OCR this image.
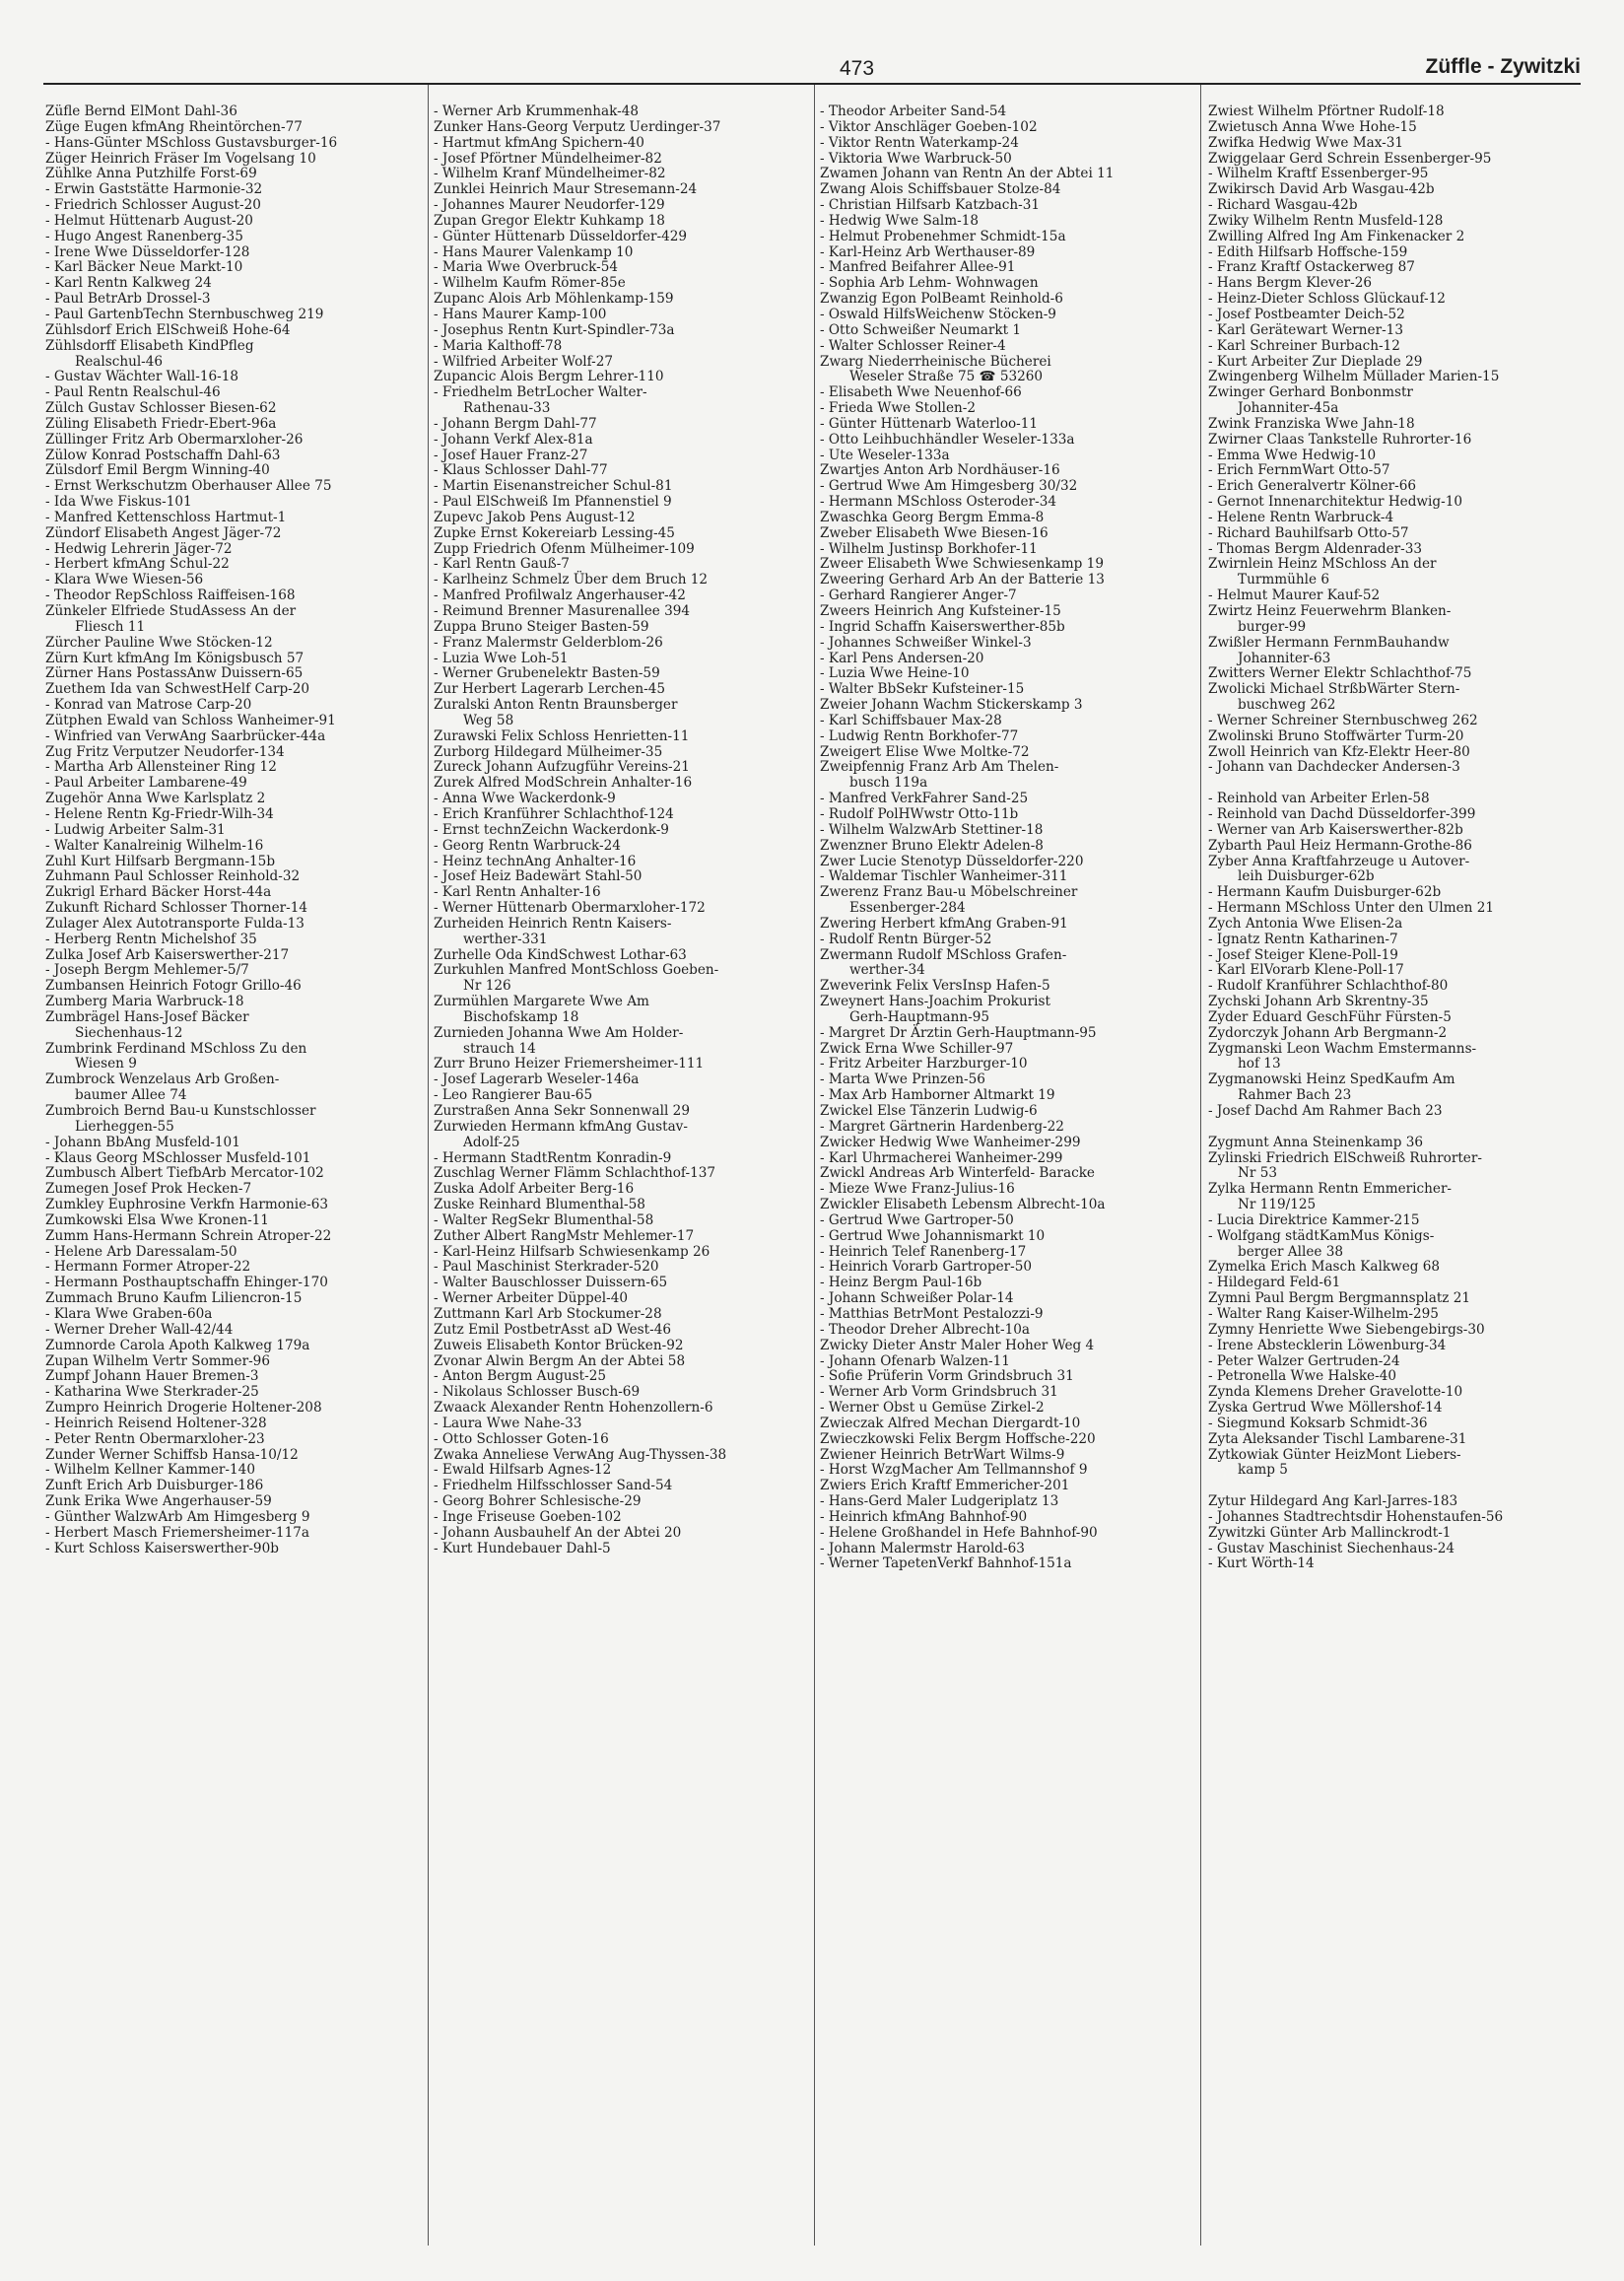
473	Züffle - Zywitzki
Züfle Bernd ElMont Dahl-36
Züge Eugen kfmAng Rheintörchen-77
- Hans-Günter MSchloss Gustavsburger-16
Züger Heinrich Fräser Im Vogelsang 10
Zühlke Anna Putzhilfe Forst-69
- Erwin Gaststätte Harmonie-32
- Friedrich Schlosser August-20
- Helmut Hüttenarb August-20
- Hugo Angest Ranenberg-35
- Irene Wwe Düsseldorfer-128
- Karl Bäcker Neue Markt-10
- Karl Rentn Kalkweg 24
- Paul BetrArb Drossel-3
- Paul GartenbTechn Sternbuschweg 219
Zühlsdorf Erich ElSchweiß Hohe-64
Zühlsdorff Elisabeth KindPfleg
Realschul-46
- Gustav Wächter Wall-16-18
- Paul Rentn Realschul-46
Zülch Gustav Schlosser Biesen-62
Züling Elisabeth Friedr-Ebert-96a
Züllinger Fritz Arb Obermarxloher-26
Zülow Konrad Postschaffn Dahl-63
Zülsdorf Emil Bergm Winning-40
- Ernst Werkschutzm Oberhauser Allee 75
- Ida Wwe Fiskus-101
- Manfred Kettenschloss Hartmut-1
Zündorf Elisabeth Angest Jäger-72
- Hedwig Lehrerin Jäger-72
- Herbert kfmAng Schul-22
- Klara Wwe Wiesen-56
- Theodor RepSchloss Raiffeisen-168
Zünkeler Elfriede StudAssess An der
Fliesch 11
Zürcher Pauline Wwe Stöcken-12
Zürn Kurt kfmAng Im Königsbusch 57
Zürner Hans PostassAnw Duissern-65
Zuethem Ida van SchwestHelf Carp-20
- Konrad van Matrose Carp-20
Zütphen Ewald van Schloss Wanheimer-91
- Winfried van VerwAng Saarbrücker-44a
Zug Fritz Verputzer Neudorfer-134
- Martha Arb Allensteiner Ring 12
- Paul Arbeiter Lambarene-49
Zugehör Anna Wwe Karlsplatz 2
- Helene Rentn Kg-Friedr-Wilh-34
- Ludwig Arbeiter Salm-31
- Walter Kanalreinig Wilhelm-16
Zuhl Kurt Hilfsarb Bergmann-15b
Zuhmann Paul Schlosser Reinhold-32
Zukrigl Erhard Bäcker Horst-44a
Zukunft Richard Schlosser Thorner-14
Zulager Alex Autotransporte Fulda-13
- Herberg Rentn Michelshof 35
Zulka Josef Arb Kaiserswerther-217
- Joseph Bergm Mehlemer-5/7
Zumbansen Heinrich Fotogr Grillo-46
Zumberg Maria Warbruck-18
Zumbrägel Hans-Josef Bäcker
Siechenhaus-12
Zumbrink Ferdinand MSchloss Zu den
Wiesen 9
Zumbrock Wenzelaus Arb Großen-
baumer Allee 74
Zumbroich Bernd Bau-u Kunstschlosser
Lierheggen-55
- Johann BbAng Musfeld-101
- Klaus Georg MSchlosser Musfeld-101
Zumbusch Albert TiefbArb Mercator-102
Zumegen Josef Prok Hecken-7
Zumkley Euphrosine Verkfn Harmonie-63
Zumkowski Elsa Wwe Kronen-11
Zumm Hans-Hermann Schrein Atroper-22
- Helene Arb Daressalam-50
- Hermann Former Atroper-22
- Hermann Posthauptschaffn Ehinger-170
Zummach Bruno Kaufm Liliencron-15
- Klara Wwe Graben-60a
- Werner Dreher Wall-42/44
Zumnorde Carola Apoth Kalkweg 179a
Zupan Wilhelm Vertr Sommer-96
Zumpf Johann Hauer Bremen-3
- Katharina Wwe Sterkrader-25
Zumpro Heinrich Drogerie Holtener-208
- Heinrich Reisend Holtener-328
- Peter Rentn Obermarxloher-23
Zunder Werner Schiffsb Hansa-10/12
- Wilhelm Kellner Kammer-140
Zunft Erich Arb Duisburger-186
Zunk Erika Wwe Angerhauser-59
- Günther WalzwArb Am Himgesberg 9
- Herbert Masch Friemersheimer-117a
- Kurt Schloss Kaiserswerther-90b
- Werner Arb Krummenhak-48
Zunker Hans-Georg Verputz Uerdinger-37
- Hartmut kfmAng Spichern-40
- Josef Pförtner Mündelheimer-82
- Wilhelm Kranf Mündelheimer-82
Zunklei Heinrich Maur Stresemann-24
- Johannes Maurer Neudorfer-129
Zupan Gregor Elektr Kuhkamp 18
- Günter Hüttenarb Düsseldorfer-429
- Hans Maurer Valenkamp 10
- Maria Wwe Overbruck-54
- Wilhelm Kaufm Römer-85e
Zupanc Alois Arb Möhlenkamp-159
- Hans Maurer Kamp-100
- Josephus Rentn Kurt-Spindler-73a
- Maria Kalthoff-78
- Wilfried Arbeiter Wolf-27
Zupancic Alois Bergm Lehrer-110
- Friedhelm BetrLocher Walter-
Rathenau-33
- Johann Bergm Dahl-77
- Johann Verkf Alex-81a
- Josef Hauer Franz-27
- Klaus Schlosser Dahl-77
- Martin Eisenanstreicher Schul-81
- Paul ElSchweiß Im Pfannenstiel 9
Zupevc Jakob Pens August-12
Zupke Ernst Kokereiarb Lessing-45
Zupp Friedrich Ofenm Mülheimer-109
- Karl Rentn Gauß-7
- Karlheinz Schmelz Über dem Bruch 12
- Manfred Profilwalz Angerhauser-42
- Reimund Brenner Masurenallee 394
Zuppa Bruno Steiger Basten-59
- Franz Malermstr Gelderblom-26
- Luzia Wwe Loh-51
- Werner Grubenelektr Basten-59
Zur Herbert Lagerarb Lerchen-45
Zuralski Anton Rentn Braunsberger
Weg 58
Zurawski Felix Schloss Henrietten-11
Zurborg Hildegard Mülheimer-35
Zureck Johann Aufzugführ Vereins-21
Zurek Alfred ModSchrein Anhalter-16
- Anna Wwe Wackerdonk-9
- Erich Kranführer Schlachthof-124
- Ernst technZeichn Wackerdonk-9
- Georg Rentn Warbruck-24
- Heinz technAng Anhalter-16
- Josef Heiz Badewärt Stahl-50
- Karl Rentn Anhalter-16
- Werner Hüttenarb Obermarxloher-172
Zurheiden Heinrich Rentn Kaisers-
werther-331
Zurhelle Oda KindSchwest Lothar-63
Zurkuhlen Manfred MontSchloss Goeben-
Nr 126
Zurmühlen Margarete Wwe Am
Bischofskamp 18
Zurnieden Johanna Wwe Am Holder-
strauch 14
Zurr Bruno Heizer Friemersheimer-111
- Josef Lagerarb Weseler-146a
- Leo Rangierer Bau-65
Zurstraßen Anna Sekr Sonnenwall 29
Zurwieden Hermann kfmAng Gustav-
Adolf-25
- Hermann StadtRentm Konradin-9
Zuschlag Werner Flämm Schlachthof-137
Zuska Adolf Arbeiter Berg-16
Zuske Reinhard Blumenthal-58
- Walter RegSekr Blumenthal-58
Zuther Albert RangMstr Mehlemer-17
- Karl-Heinz Hilfsarb Schwiesenkamp 26
- Paul Maschinist Sterkrader-520
- Walter Bauschlosser Duissern-65
- Werner Arbeiter Düppel-40
Zuttmann Karl Arb Stockumer-28
Zutz Emil PostbetrAsst aD West-46
Zuweis Elisabeth Kontor Brücken-92
Zvonar Alwin Bergm An der Abtei 58
- Anton Bergm August-25
- Nikolaus Schlosser Busch-69
Zwaack Alexander Rentn Hohenzollern-6
- Laura Wwe Nahe-33
- Otto Schlosser Goten-16
Zwaka Anneliese VerwAng Aug-Thyssen-38
- Ewald Hilfsarb Agnes-12
- Friedhelm Hilfsschlosser Sand-54
- Georg Bohrer Schlesische-29
- Inge Friseuse Goeben-102
- Johann Ausbauhelf An der Abtei 20
- Kurt Hundebauer Dahl-5
- Theodor Arbeiter Sand-54
- Viktor Anschläger Goeben-102
- Viktor Rentn Waterkamp-24
- Viktoria Wwe Warbruck-50
Zwamen Johann van Rentn An der Abtei 11
Zwang Alois Schiffsbauer Stolze-84
- Christian Hilfsarb Katzbach-31
- Hedwig Wwe Salm-18
- Helmut Probenehmer Schmidt-15a
- Karl-Heinz Arb Werthauser-89
- Manfred Beifahrer Allee-91
- Sophia Arb Lehm- Wohnwagen
Zwanzig Egon PolBeamt Reinhold-6
- Oswald HilfsWeichenw Stöcken-9
- Otto Schweißer Neumarkt 1
- Walter Schlosser Reiner-4
Zwarg Niederrheinische Bücherei
Weseler Straße 75 ☎ 53260
- Elisabeth Wwe Neuenhof-66
- Frieda Wwe Stollen-2
- Günter Hüttenarb Waterloo-11
- Otto Leihbuchhändler Weseler-133a
- Ute Weseler-133a
Zwartjes Anton Arb Nordhäuser-16
- Gertrud Wwe Am Himgesberg 30/32
- Hermann MSchloss Osteroder-34
Zwaschka Georg Bergm Emma-8
Zweber Elisabeth Wwe Biesen-16
- Wilhelm Justinsp Borkhofer-11
Zweer Elisabeth Wwe Schwiesenkamp 19
Zweering Gerhard Arb An der Batterie 13
- Gerhard Rangierer Anger-7
Zweers Heinrich Ang Kufsteiner-15
- Ingrid Schaffn Kaiserswerther-85b
- Johannes Schweißer Winkel-3
- Karl Pens Andersen-20
- Luzia Wwe Heine-10
- Walter BbSekr Kufsteiner-15
Zweier Johann Wachm Stickerskamp 3
- Karl Schiffsbauer Max-28
- Ludwig Rentn Borkhofer-77
Zweigert Elise Wwe Moltke-72
Zweipfennig Franz Arb Am Thelen-
busch 119a
- Manfred VerkFahrer Sand-25
- Rudolf PolHWwstr Otto-11b
- Wilhelm WalzwArb Stettiner-18
Zwenzner Bruno Elektr Adelen-8
Zwer Lucie Stenotyp Düsseldorfer-220
- Waldemar Tischler Wanheimer-311
Zwerenz Franz Bau-u Möbelschreiner
Essenberger-284
Zwering Herbert kfmAng Graben-91
- Rudolf Rentn Bürger-52
Zwermann Rudolf MSchloss Grafen-
werther-34
Zweverink Felix VersInsp Hafen-5
Zweynert Hans-Joachim Prokurist
Gerh-Hauptmann-95
- Margret Dr Ärztin Gerh-Hauptmann-95
Zwick Erna Wwe Schiller-97
- Fritz Arbeiter Harzburger-10
- Marta Wwe Prinzen-56
- Max Arb Hamborner Altmarkt 19
Zwickel Else Tänzerin Ludwig-6
- Margret Gärtnerin Hardenberg-22
Zwicker Hedwig Wwe Wanheimer-299
- Karl Uhrmacherei Wanheimer-299
Zwickl Andreas Arb Winterfeld- Baracke
- Mieze Wwe Franz-Julius-16
Zwickler Elisabeth Lebensm Albrecht-10a
- Gertrud Wwe Gartroper-50
- Gertrud Wwe Johannismarkt 10
- Heinrich Telef Ranenberg-17
- Heinrich Vorarb Gartroper-50
- Heinz Bergm Paul-16b
- Johann Schweißer Polar-14
- Matthias BetrMont Pestalozzi-9
- Theodor Dreher Albrecht-10a
Zwicky Dieter Anstr Maler Hoher Weg 4
- Johann Ofenarb Walzen-11
- Sofie Prüferin Vorm Grindsbruch 31
- Werner Arb Vorm Grindsbruch 31
- Werner Obst u Gemüse Zirkel-2
Zwieczak Alfred Mechan Diergardt-10
Zwieczkowski Felix Bergm Hoffsche-220
Zwiener Heinrich BetrWart Wilms-9
- Horst WzgMacher Am Tellmannshof 9
Zwiers Erich Kraftf Emmericher-201
- Hans-Gerd Maler Ludgeriplatz 13
- Heinrich kfmAng Bahnhof-90
- Helene Großhandel in Hefe Bahnhof-90
- Johann Malermstr Harold-63
- Werner TapetenVerkf Bahnhof-151a
Zwiest Wilhelm Pförtner Rudolf-18
Zwietusch Anna Wwe Hohe-15
Zwifka Hedwig Wwe Max-31
Zwiggelaar Gerd Schrein Essenberger-95
- Wilhelm Kraftf Essenberger-95
Zwikirsch David Arb Wasgau-42b
- Richard Wasgau-42b
Zwiky Wilhelm Rentn Musfeld-128
Zwilling Alfred Ing Am Finkenacker 2
- Edith Hilfsarb Hoffsche-159
- Franz Kraftf Ostackerweg 87
- Hans Bergm Klever-26
- Heinz-Dieter Schloss Glückauf-12
- Josef Postbeamter Deich-52
- Karl Gerätewart Werner-13
- Karl Schreiner Burbach-12
- Kurt Arbeiter Zur Dieplade 29
Zwingenberg Wilhelm Müllader Marien-15
Zwinger Gerhard Bonbonmstr
Johanniter-45a
Zwink Franziska Wwe Jahn-18
Zwirner Claas Tankstelle Ruhrorter-16
- Emma Wwe Hedwig-10
- Erich FernmWart Otto-57
- Erich Generalvertr Kölner-66
- Gernot Innenarchitektur Hedwig-10
- Helene Rentn Warbruck-4
- Richard Bauhilfsarb Otto-57
- Thomas Bergm Aldenrader-33
Zwirnlein Heinz MSchloss An der
Turmmühle 6
- Helmut Maurer Kauf-52
Zwirtz Heinz Feuerwehrm Blanken-
burger-99
Zwißler Hermann FernmBauhandw
Johanniter-63
Zwitters Werner Elektr Schlachthof-75
Zwolicki Michael StrßbWärter Stern-
buschweg 262
- Werner Schreiner Sternbuschweg 262
Zwolinski Bruno Stoffwärter Turm-20
Zwoll Heinrich van Kfz-Elektr Heer-80
- Johann van Dachdecker Andersen-3
- Reinhold van Arbeiter Erlen-58
- Reinhold van Dachd Düsseldorfer-399
- Werner van Arb Kaiserswerther-82b
Zybarth Paul Heiz Hermann-Grothe-86
Zyber Anna Kraftfahrzeuge u Autover-
leih Duisburger-62b
- Hermann Kaufm Duisburger-62b
- Hermann MSchloss Unter den Ulmen 21
Zych Antonia Wwe Elisen-2a
- Ignatz Rentn Katharinen-7
- Josef Steiger Klene-Poll-19
- Karl ElVorarb Klene-Poll-17
- Rudolf Kranführer Schlachthof-80
Zychski Johann Arb Skrentny-35
Zyder Eduard GeschFühr Fürsten-5
Zydorczyk Johann Arb Bergmann-2
Zygmanski Leon Wachm Emstermanns-
hof 13
Zygmanowski Heinz SpedKaufm Am
Rahmer Bach 23
- Josef Dachd Am Rahmer Bach 23
Zygmunt Anna Steinenkamp 36
Zylinski Friedrich ElSchweiß Ruhrorter-
Nr 53
Zylka Hermann Rentn Emmericher-
Nr 119/125
- Lucia Direktrice Kammer-215
- Wolfgang städtKamMus Königs-
berger Allee 38
Zymelka Erich Masch Kalkweg 68
- Hildegard Feld-61
Zymni Paul Bergm Bergmannsplatz 21
- Walter Rang Kaiser-Wilhelm-295
Zymny Henriette Wwe Siebengebirgs-30
- Irene Abstecklerin Löwenburg-34
- Peter Walzer Gertruden-24
- Petronella Wwe Halske-40
Zynda Klemens Dreher Gravelotte-10
Zyska Gertrud Wwe Möllershof-14
- Siegmund Koksarb Schmidt-36
Zyta Aleksander Tischl Lambarene-31
Zytkowiak Günter HeizMont Liebers-
kamp 5
Zytur Hildegard Ang Karl-Jarres-183
- Johannes Stadtrechtsdir Hohenstaufen-56
Zywitzki Günter Arb Mallinckrodt-1
- Gustav Maschinist Siechenhaus-24
- Kurt Wörth-14
